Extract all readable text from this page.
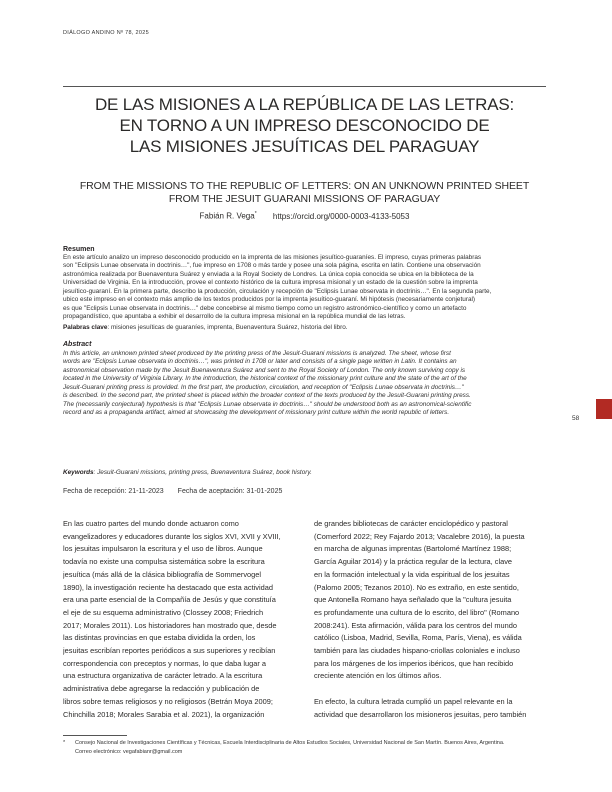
DIÁLOGO ANDINO Nº 78, 2025
DE LAS MISIONES A LA REPÚBLICA DE LAS LETRAS:
EN TORNO A UN IMPRESO DESCONOCIDO DE
LAS MISIONES JESUÍTICAS DEL PARAGUAY
FROM THE MISSIONS TO THE REPUBLIC OF LETTERS: ON AN UNKNOWN PRINTED SHEET
FROM THE JESUIT GUARANI MISSIONS OF PARAGUAY
Fabián R. Vega* https://orcid.org/0000-0003-4133-5053
Resumen
En este artículo analizo un impreso desconocido producido en la imprenta de las misiones jesuítico-guaraníes. El impreso, cuyas primeras palabras
son "Eclipsis Lunae observata in doctrinis…", fue impreso en 1708 o más tarde y posee una sola página, escrita en latín. Contiene una observación
astronómica realizada por Buenaventura Suárez y enviada a la Royal Society de Londres. La única copia conocida se ubica en la biblioteca de la
Universidad de Virginia. En la introducción, provee el contexto histórico de la cultura impresa misional y un estado de la cuestión sobre la imprenta
jesuítico-guaraní. En la primera parte, describo la producción, circulación y recepción de "Eclipsis Lunae observata in doctrinis…". En la segunda parte,
ubico este impreso en el contexto más amplio de los textos producidos por la imprenta jesuítico-guaraní. Mi hipótesis (necesariamente conjetural)
es que "Eclipsis Lunae observata in doctrinis…" debe concebirse al mismo tiempo como un registro astronómico-científico y como un artefacto
propagandístico, que apuntaba a exhibir el desarrollo de la cultura impresa misional en la república mundial de las letras.
Palabras clave: misiones jesuíticas de guaraníes, imprenta, Buenaventura Suárez, historia del libro.
Abstract
In this article, an unknown printed sheet produced by the printing press of the Jesuit-Guarani missions is analyzed. The sheet, whose first
words are "Eclipsis Lunae observata in doctrinis…", was printed in 1708 or later and consists of a single page written in Latin. It contains an
astronomical observation made by the Jesuit Buenaventura Suárez and sent to the Royal Society of London. The only known surviving copy is
located in the University of Virginia Library. In the introduction, the historical context of the missionary print culture and the state of the art of the
Jesuit-Guarani printing press is provided. In the first part, the production, circulation, and reception of "Eclipsis Lunae observata in doctrinis…"
is described. In the second part, the printed sheet is placed within the broader context of the texts produced by the Jesuit-Guarani printing press.
The (necessarily conjectural) hypothesis is that "Eclipsis Lunae observata in doctrinis…" should be understood both as an astronomical-scientific
record and as a propaganda artifact, aimed at showcasing the development of missionary print culture within the world republic of letters.
Keywords: Jesuit-Guarani missions, printing press, Buenaventura Suárez, book history.
Fecha de recepción: 21-11-2023 Fecha de aceptación: 31-01-2025
En las cuatro partes del mundo donde actuaron como
evangelizadores y educadores durante los siglos XVI, XVII y XVIII,
los jesuitas impulsaron la escritura y el uso de libros. Aunque
todavía no existe una compulsa sistemática sobre la escritura
jesuítica (más allá de la clásica bibliografía de Sommervogel
1890), la investigación reciente ha destacado que esta actividad
era una parte esencial de la Compañía de Jesús y que constituía
el eje de su esquema administrativo (Clossey 2008; Friedrich
2017; Morales 2011). Los historiadores han mostrado que, desde
las distintas provincias en que estaba dividida la orden, los
jesuitas escribían reportes periódicos a sus superiores y recibían
correspondencia con preceptos y normas, lo que daba lugar a
una estructura organizativa de carácter letrado. A la escritura
administrativa debe agregarse la redacción y publicación de
libros sobre temas religiosos y no religiosos (Betrán Moya 2009;
Chinchilla 2018; Morales Sarabia et al. 2021), la organización
de grandes bibliotecas de carácter enciclopédico y pastoral
(Comerford 2022; Rey Fajardo 2013; Vacalebre 2016), la puesta
en marcha de algunas imprentas (Bartolomé Martínez 1988;
García Aguilar 2014) y la práctica regular de la lectura, clave
en la formación intelectual y la vida espiritual de los jesuitas
(Palomo 2005; Tezanos 2010). No es extraño, en este sentido,
que Antonella Romano haya señalado que la "cultura jesuita
es profundamente una cultura de lo escrito, del libro" (Romano
2008:241). Esta afirmación, válida para los centros del mundo
católico (Lisboa, Madrid, Sevilla, Roma, París, Viena), es válida
también para las ciudades hispano-criollas coloniales e incluso
para los márgenes de los imperios ibéricos, que han recibido
creciente atención en los últimos años.
En efecto, la cultura letrada cumplió un papel relevante en la
actividad que desarrollaron los misioneros jesuitas, pero también
* Consejo Nacional de Investigaciones Científicas y Técnicas, Escuela Interdisciplinaria de Altos Estudios Sociales, Universidad Nacional de San Martín. Buenos Aires, Argentina.
Correo electrónico: vegafabianr@gmail.com
58
